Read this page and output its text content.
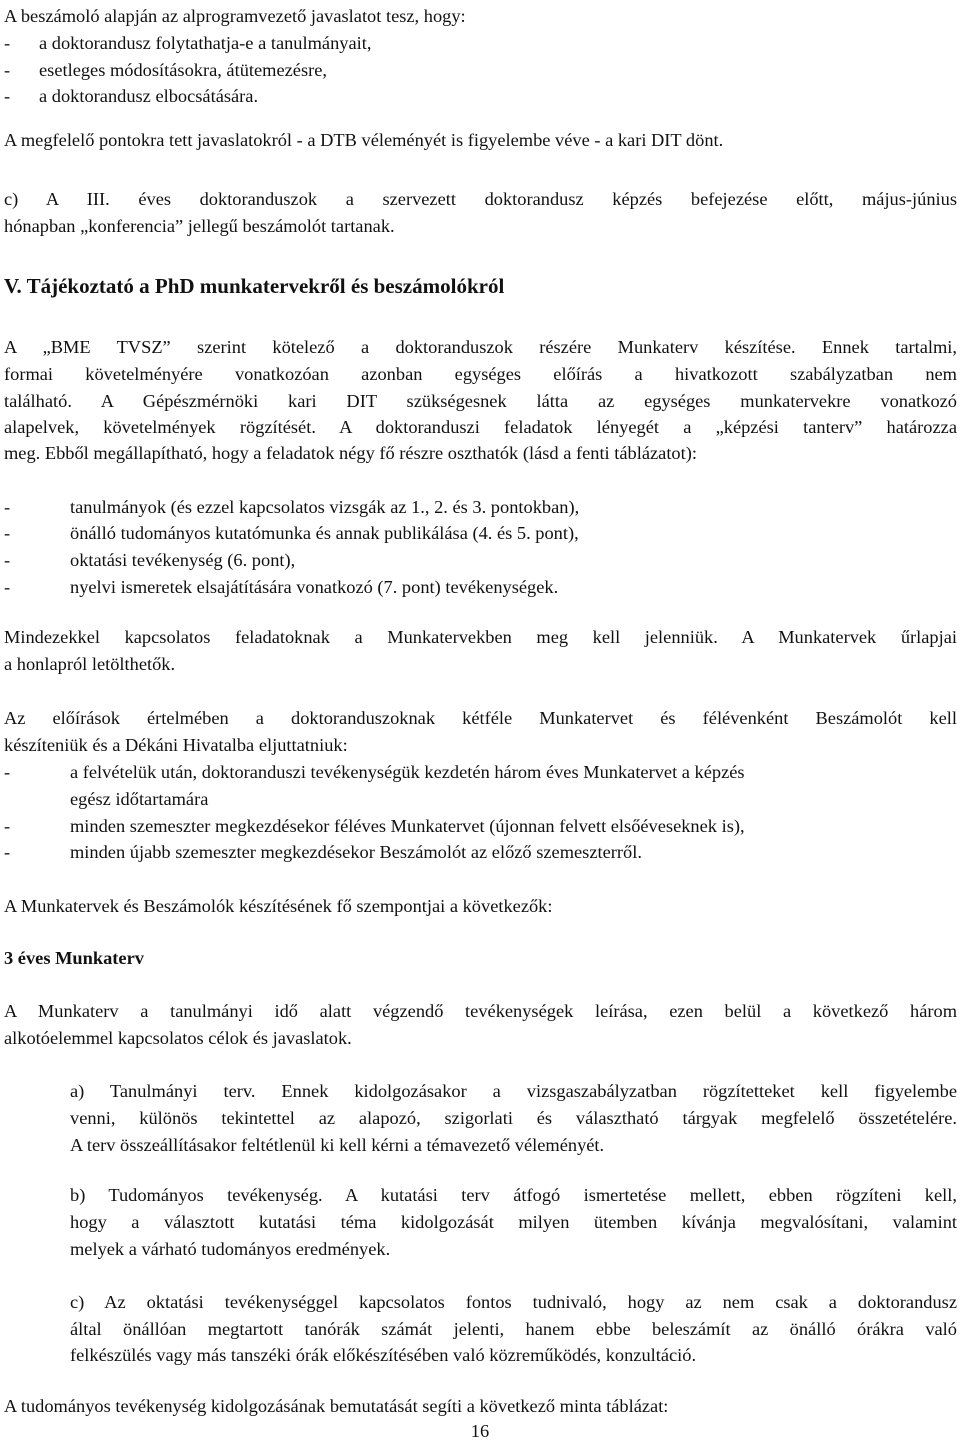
A beszámoló alapján az alprogramvezető javaslatot tesz, hogy:
- a doktorandusz folytathatja-e a tanulmányait,
- esetleges módosításokra, átütemezésre,
- a doktorandusz elbocsátására.
A megfelelő pontokra tett javaslatokról - a DTB véleményét is figyelembe véve - a kari DIT dönt.
c) A III. éves doktoranduszok a szervezett doktorandusz képzés befejezése előtt, május-június
hónapban „konferencia” jellegű beszámolót tartanak.
V. Tájékoztató a PhD munkatervekről és beszámolókról
A „BME TVSZ” szerint kötelező a doktoranduszok részére Munkaterv készítése. Ennek tartalmi,
formai követelményére vonatkozóan azonban egységes előírás a hivatkozott szabályzatban nem
található. A Gépészmérnöki kari DIT szükségesnek látta az egységes munkatervekre vonatkozó
alapelvek, követelmények rögzítését. A doktoranduszi feladatok lényegét a „képzési tanterv” határozza
meg. Ebből megállapítható, hogy a feladatok négy fő részre oszthatók (lásd a fenti táblázatot):
-	tanulmányok (és ezzel kapcsolatos vizsgák az 1., 2. és 3. pontokban),
-	önálló tudományos kutatómunka és annak publikálása (4. és 5. pont),
-	oktatási tevékenység (6. pont),
-	nyelvi ismeretek elsajátítására vonatkozó (7. pont) tevékenységek.
Mindezekkel kapcsolatos feladatoknak a Munkatervekben meg kell jelenniük. A Munkatervek űrlapjai
a honlapról letölthetők.
Az előírások értelmében a doktoranduszoknak kétféle Munkatervet és félévenként Beszámolót kell
készíteniük és a Dékáni Hivatalba eljuttatniuk:
-	a felvételük után, doktoranduszi tevékenységük kezdetén három éves Munkatervet a képzés
egész időtartamára
-	minden szemeszter megkezdésekor féléves Munkatervet (újonnan felvett elsőéveseknek is),
-	minden újabb szemeszter megkezdésekor Beszámolót az előző szemeszterről.
A Munkatervek és Beszámolók készítésének fő szempontjai a következők:
3 éves Munkaterv
A Munkaterv a tanulmányi idő alatt végzendő tevékenységek leírása, ezen belül a következő három
alkotóelemmel kapcsolatos célok és javaslatok.
a) Tanulmányi terv. Ennek kidolgozásakor a vizsgaszabályzatban rögzítetteket kell figyelembe
venni, különös tekintettel az alapozó, szigorlati és választható tárgyak megfelelő összetételére.
A terv összeállításakor feltétlenül ki kell kérni a témavezető véleményét.
b) Tudományos tevékenység. A kutatási terv átfogó ismertetése mellett, ebben rögzíteni kell,
hogy a választott kutatási téma kidolgozását milyen ütemben kívánja megvalósítani, valamint
melyek a várható tudományos eredmények.
c) Az oktatási tevékenységgel kapcsolatos fontos tudnivaló, hogy az nem csak a doktorandusz
által önállóan megtartott tanórák számát jelenti, hanem ebbe beleszámít az önálló órákra való
felkészülés vagy más tanszéki órák előkészítésében való közreműködés, konzultáció.
A tudományos tevékenység kidolgozásának bemutatását segíti a következő minta táblázat:
16
